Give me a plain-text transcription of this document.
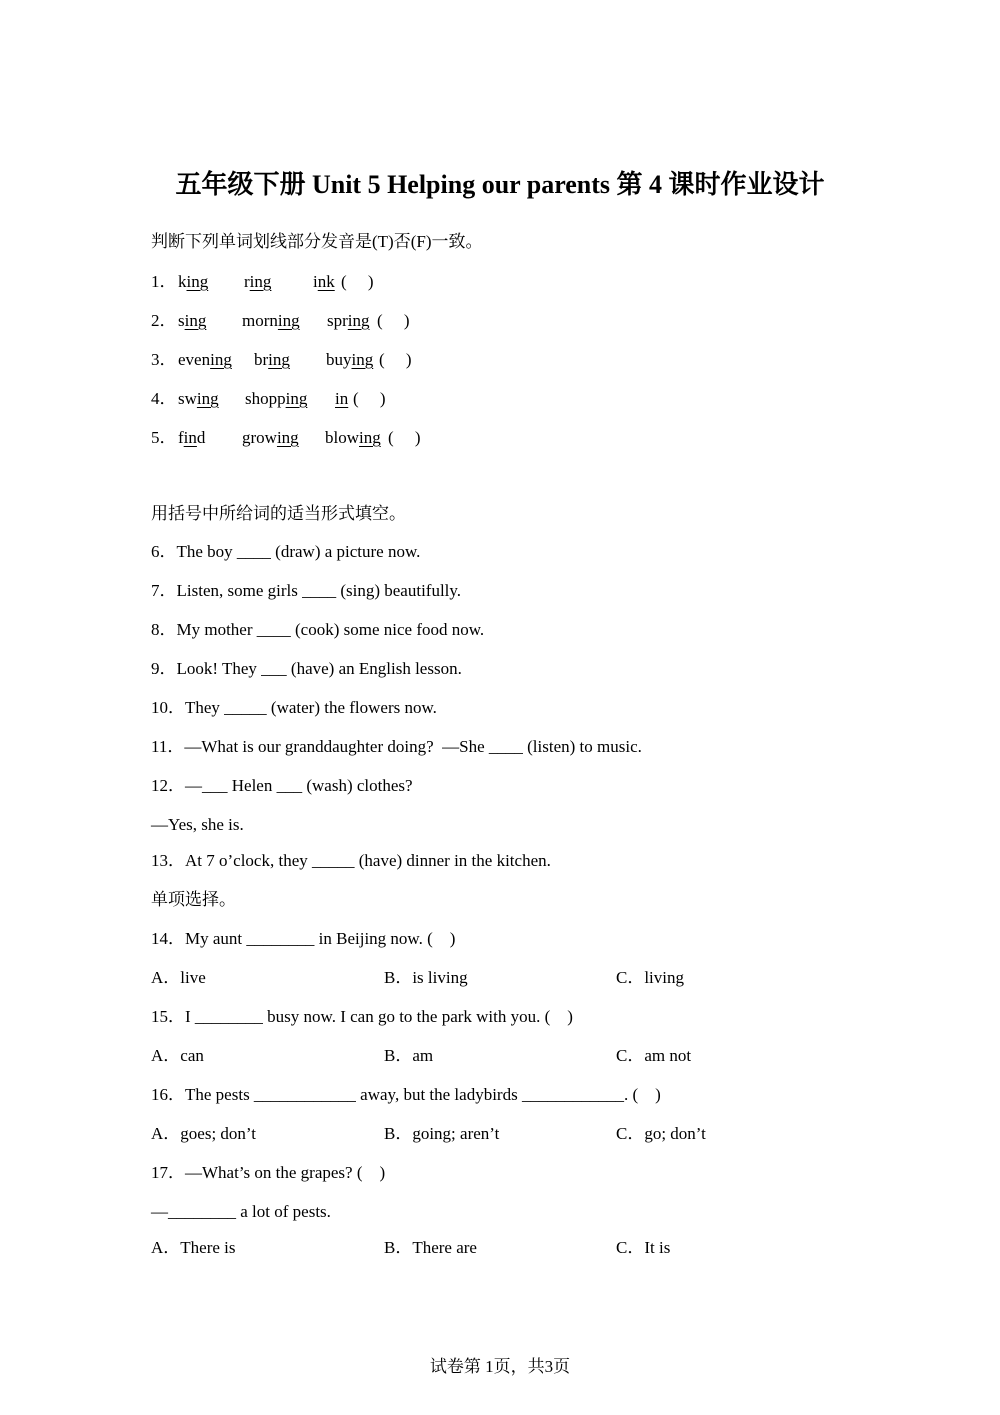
五年级下册 Unit 5 Helping our parents 第 4 课时作业设计
判断下列单词划线部分发音是(T)否(F)一致。
1． king ring ink (     )
2． sing morning spring (     )
3． evening bring buying (     )
4． swing shopping in (     )
5． find growing blowing (     )
用括号中所给词的适当形式填空。
6．The boy ____ (draw) a picture now.
7．Listen, some girls ____ (sing) beautifully.
8．My mother ____ (cook) some nice food now.
9．Look! They ___ (have) an English lesson.
10．They _____ (water) the flowers now.
11．—What is our granddaughter doing?  —She ____ (listen) to music.
12．—___ Helen ___ (wash) clothes?
—Yes, she is.
13．At 7 o’clock, they _____ (have) dinner in the kitchen.
单项选择。
14．My aunt ________ in Beijing now. (    )
A．live	B．is living	C．living
15．I ________ busy now. I can go to the park with you. (    )
A．can	B．am	C．am not
16．The pests ____________ away, but the ladybirds ____________. (    )
A．goes; don’t	B．going; aren’t	C．go; don’t
17．—What’s on the grapes? (    )
—________ a lot of pests.
A．There is	B．There are	C．It is
试卷第 1页，共3页
